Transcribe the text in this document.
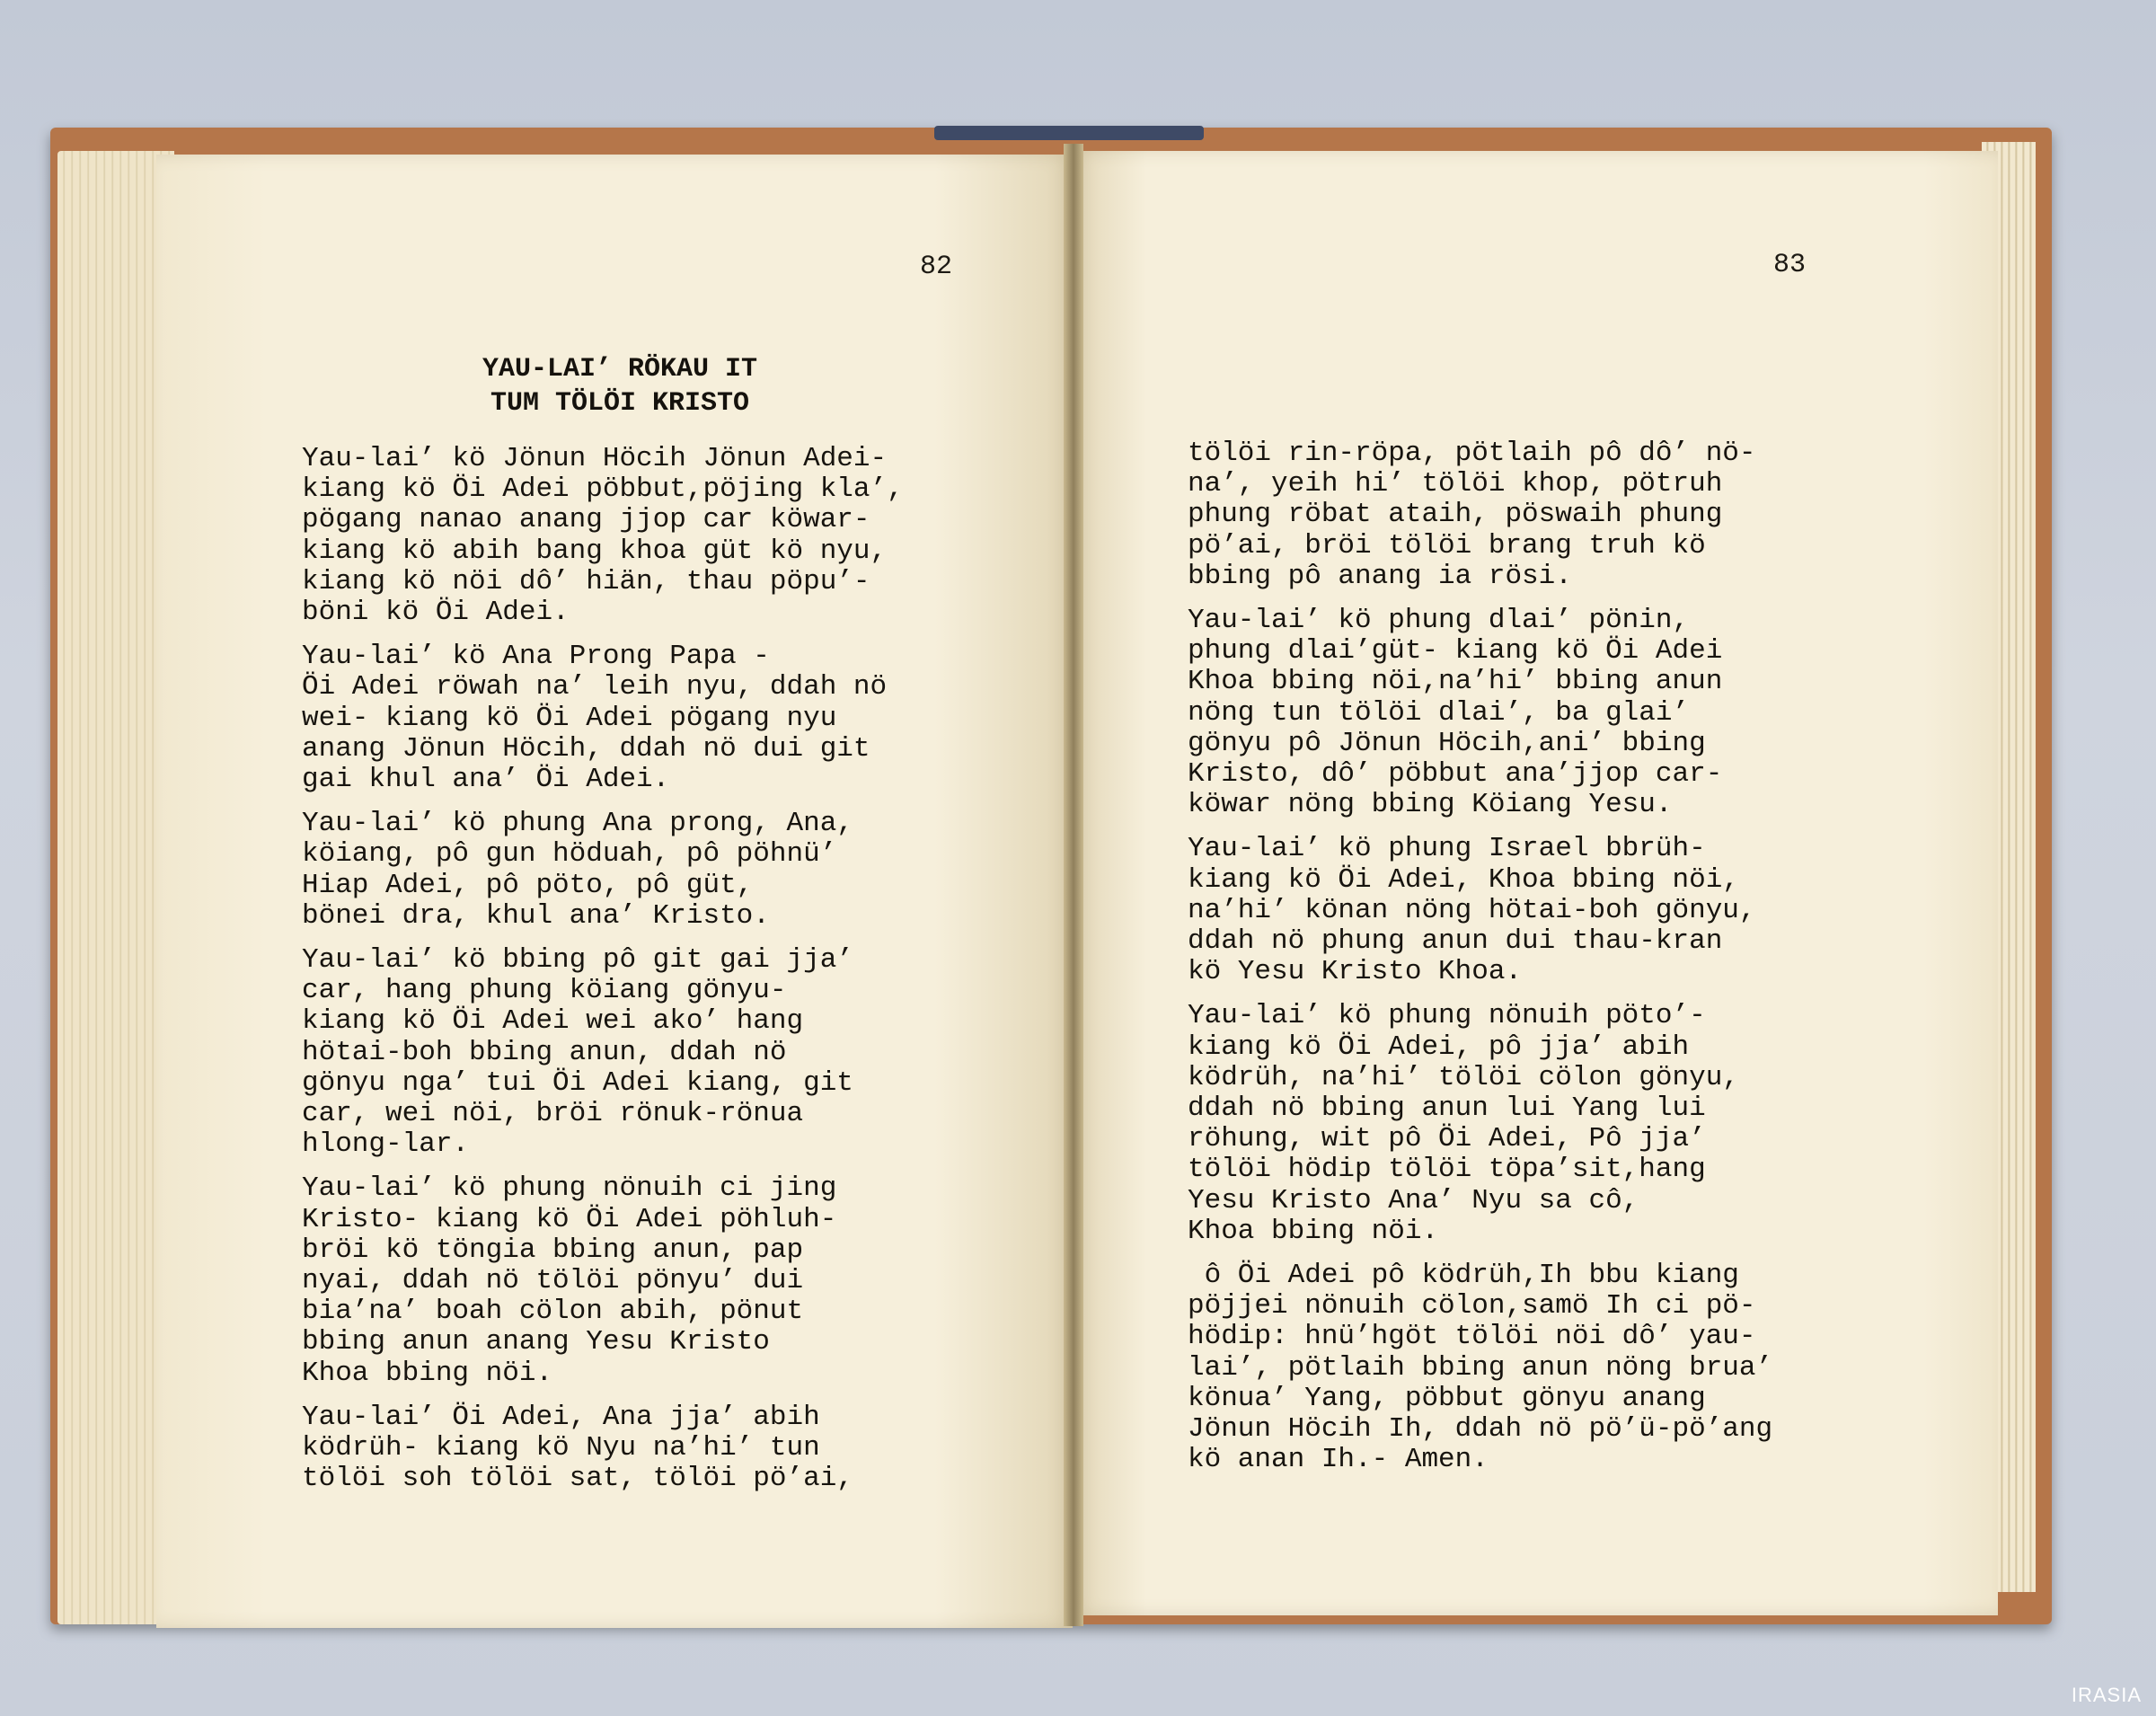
82	83
YAU-LAI’ RÖKAU IT
TUM TÖLÖI KRISTO
Yau-lai’ kö Jönun Höcih Jönun Adei-
kiang kö Öi Adei pöbbut,pöjing kla’,
pögang nanao anang jjop car köwar-
kiang kö abih bang khoa güt kö nyu,
kiang kö nöi dô’ hiän, thau pöpu’-
böni kö Öi Adei.
Yau-lai’ kö Ana Prong Papa -
Öi Adei röwah na’ leih nyu, ddah nö
wei- kiang kö Öi Adei pögang nyu
anang Jönun Höcih, ddah nö dui git
gai khul ana’ Öi Adei.
Yau-lai’ kö phung Ana prong, Ana,
köiang, pô gun höduah, pô pöhnü’
Hiap Adei, pô pöto, pô güt,
bönei dra, khul ana’ Kristo.
Yau-lai’ kö bbing pô git gai jja’
car, hang phung köiang gönyu-
kiang kö Öi Adei wei ako’ hang
hötai-boh bbing anun, ddah nö
gönyu nga’ tui Öi Adei kiang, git
car, wei nöi, bröi rönuk-rönua
hlong-lar.
Yau-lai’ kö phung nönuih ci jing
Kristo- kiang kö Öi Adei pöhluh-
bröi kö töngia bbing anun, pap
nyai, ddah nö tölöi pönyu’ dui
bia’na’ boah cölon abih, pönut
bbing anun anang Yesu Kristo
Khoa bbing nöi.
Yau-lai’ Öi Adei, Ana jja’ abih
ködrüh- kiang kö Nyu na’hi’ tun
tölöi soh tölöi sat, tölöi pö’ai,
tölöi rin-röpa, pötlaih pô dô’ nö-
na’, yeih hi’ tölöi khop, pötruh
phung röbat ataih, pöswaih phung
pö’ai, bröi tölöi brang truh kö
bbing pô anang ia rösi.
Yau-lai’ kö phung dlai’ pönin,
phung dlai’güt- kiang kö Öi Adei
Khoa bbing nöi,na’hi’ bbing anun
nöng tun tölöi dlai’, ba glai’
gönyu pô Jönun Höcih,ani’ bbing
Kristo, dô’ pöbbut ana’jjop car-
köwar nöng bbing Köiang Yesu.
Yau-lai’ kö phung Israel bbrüh-
kiang kö Öi Adei, Khoa bbing nöi,
na’hi’ könan nöng hötai-boh gönyu,
ddah nö phung anun dui thau-kran
kö Yesu Kristo Khoa.
Yau-lai’ kö phung nönuih pöto’-
kiang kö Öi Adei, pô jja’ abih
ködrüh, na’hi’ tölöi cölon gönyu,
ddah nö bbing anun lui Yang lui
röhung, wit pô Öi Adei, Pô jja’
tölöi hödip tölöi töpa’sit,hang
Yesu Kristo Ana’ Nyu sa cô,
Khoa bbing nöi.
ô Öi Adei pô ködrüh,Ih bbu kiang
pöjjei nönuih cölon,samö Ih ci pö-
hödip: hnü’hgöt tölöi nöi dô’ yau-
lai’, pötlaih bbing anun nöng brua’
könua’ Yang, pöbbut gönyu anang
Jönun Höcih Ih, ddah nö pö’ü-pö’ang
kö anan Ih.- Amen.
IRASIA
